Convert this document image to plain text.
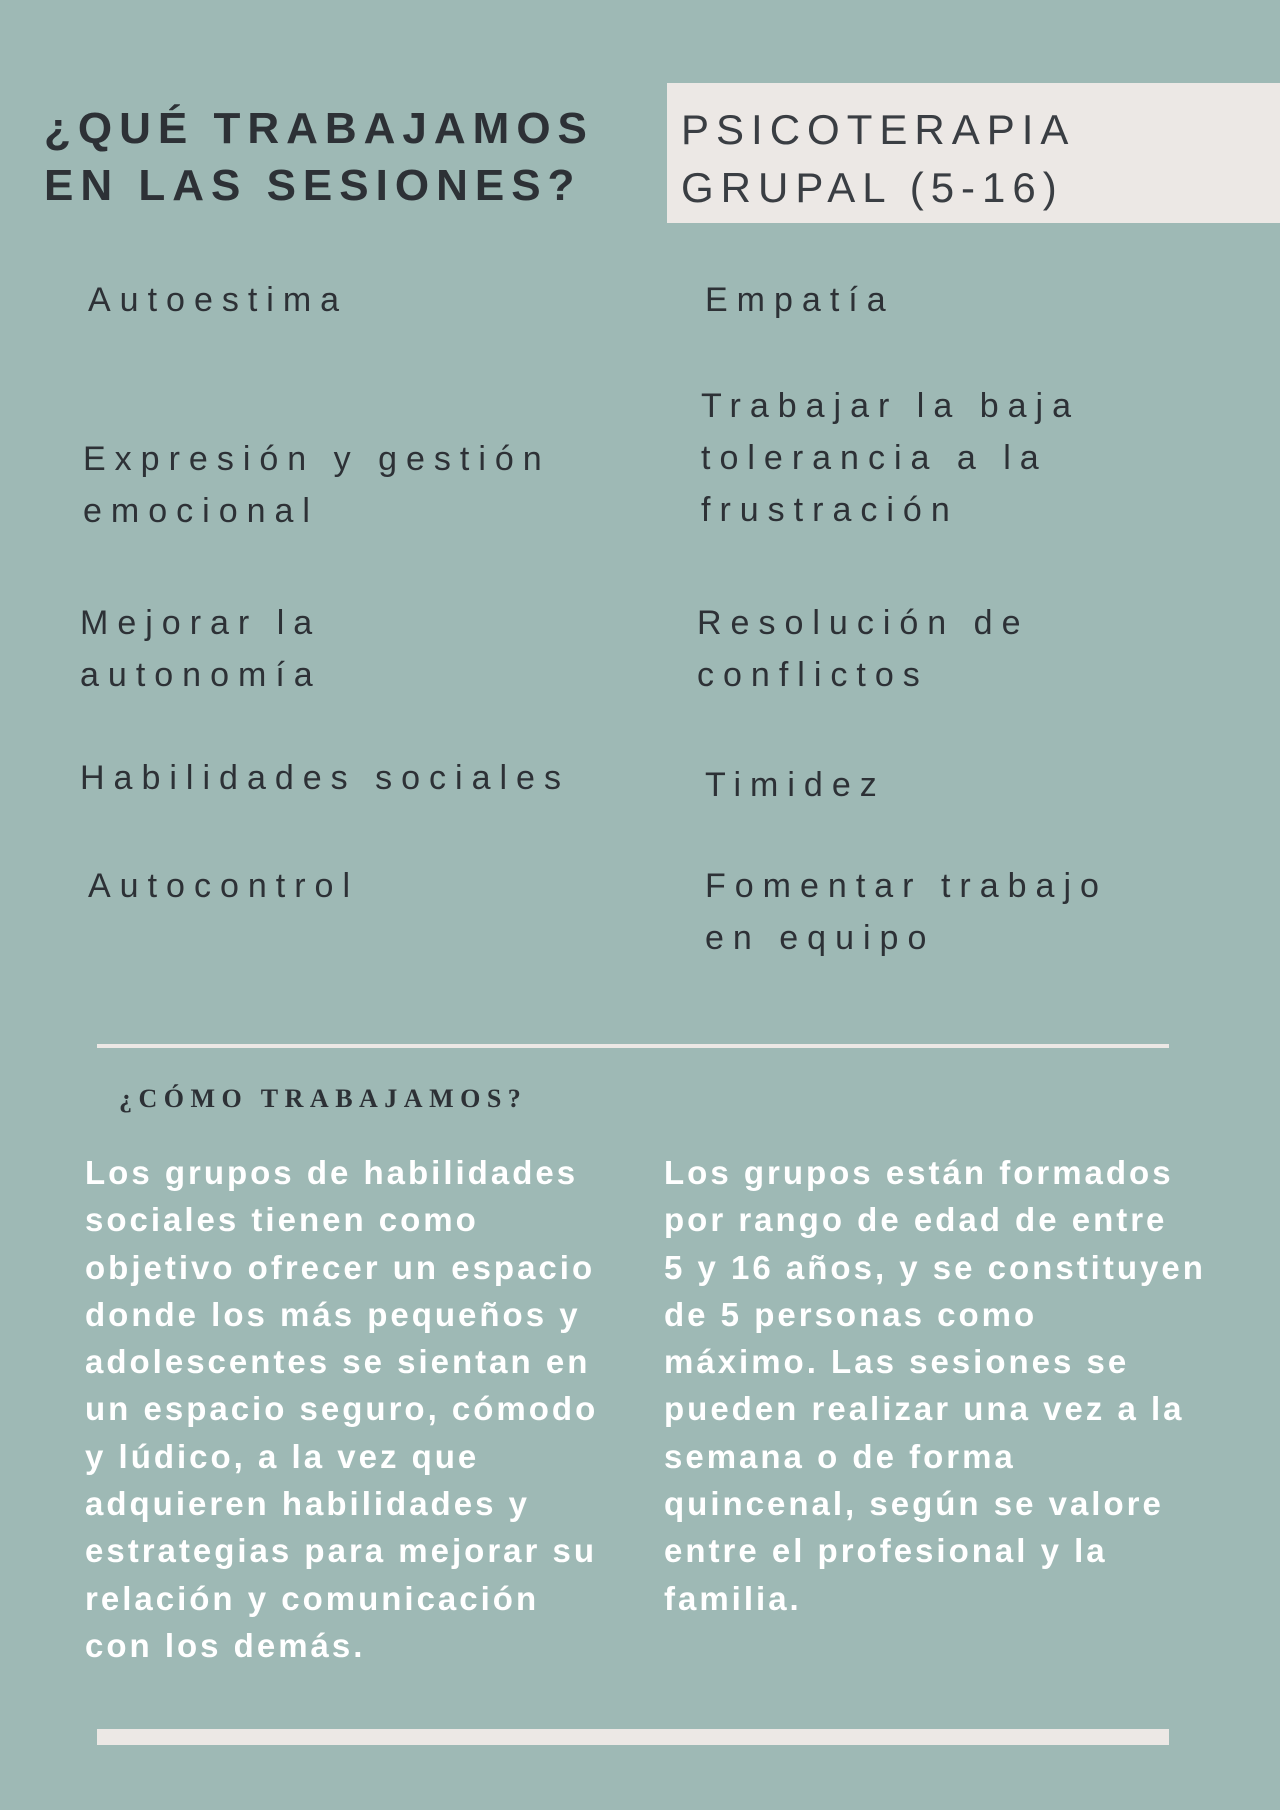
¿QUÉ TRABAJAMOS
EN LAS SESIONES?
PSICOTERAPIA
GRUPAL (5-16)
Autoestima
Expresión y gestión
emocional
Mejorar la
autonomía
Habilidades sociales
Autocontrol
Empatía
Trabajar la baja
tolerancia a la
frustración
Resolución de
conflictos
Timidez
Fomentar trabajo
en equipo
¿CÓMO TRABAJAMOS?
Los grupos de habilidades
sociales tienen como
objetivo ofrecer un espacio
donde los más pequeños y
adolescentes se sientan en
un espacio seguro, cómodo
y lúdico, a la vez que
adquieren habilidades y
estrategias para mejorar su
relación y comunicación
con los demás.
Los grupos están formados
por rango de edad de entre
5 y 16 años, y se constituyen
de 5 personas como
máximo. Las sesiones se
pueden realizar una vez a la
semana o de forma
quincenal, según se valore
entre el profesional y la
familia.
